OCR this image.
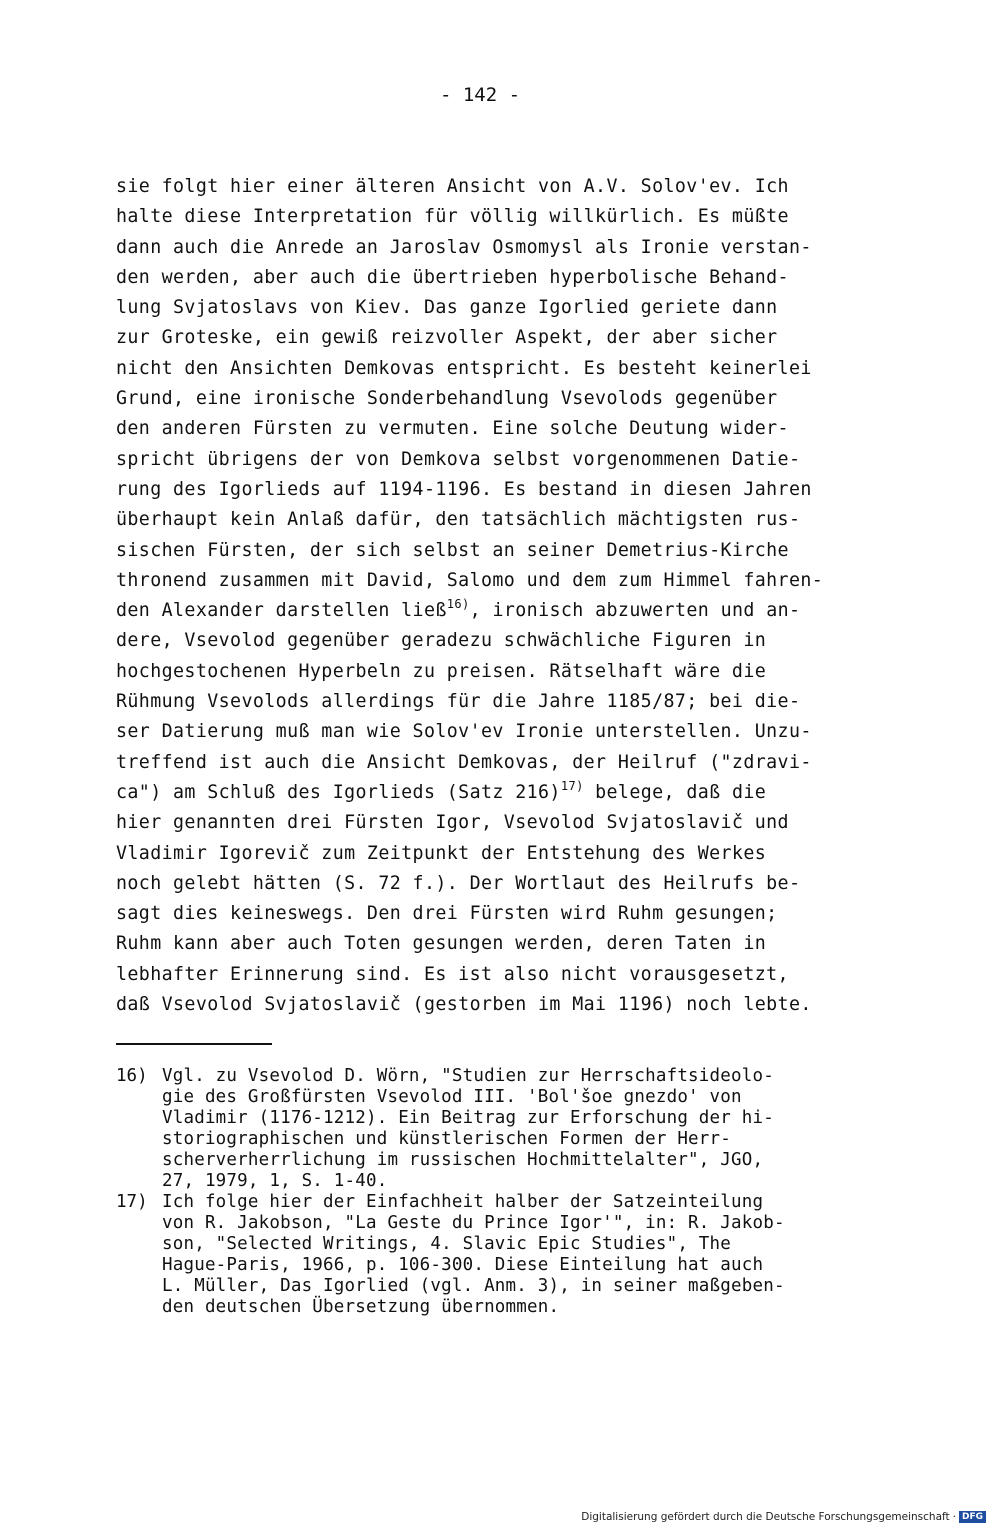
- 142 -
sie folgt hier einer älteren Ansicht von A.V. Solov'ev. Ich
halte diese Interpretation für völlig willkürlich. Es müßte
dann auch die Anrede an Jaroslav Osmomysl als Ironie verstan-
den werden, aber auch die übertrieben hyperbolische Behand-
lung Svjatoslavs von Kiev. Das ganze Igorlied geriete dann
zur Groteske, ein gewiß reizvoller Aspekt, der aber sicher
nicht den Ansichten Demkovas entspricht. Es besteht keinerlei
Grund, eine ironische Sonderbehandlung Vsevolods gegenüber
den anderen Fürsten zu vermuten. Eine solche Deutung wider-
spricht übrigens der von Demkova selbst vorgenommenen Datie-
rung des Igorlieds auf 1194-1196. Es bestand in diesen Jahren
überhaupt kein Anlaß dafür, den tatsächlich mächtigsten rus-
sischen Fürsten, der sich selbst an seiner Demetrius-Kirche
thronend zusammen mit David, Salomo und dem zum Himmel fahren-
den Alexander darstellen ließ$^{16)}$, ironisch abzuwerten und an-
dere, Vsevolod gegenüber geradezu schwächliche Figuren in
hochgestochenen Hyperbeln zu preisen. Rätselhaft wäre die
Rühmung Vsevolods allerdings für die Jahre 1185/87; bei die-
ser Datierung muß man wie Solov'ev Ironie unterstellen. Unzu-
treffend ist auch die Ansicht Demkovas, der Heilruf ("zdravi-
ca") am Schluß des Igorlieds (Satz 216)$^{17)}$ belege, daß die
hier genannten drei Fürsten Igor, Vsevolod Svjatoslavič und
Vladimir Igorevič zum Zeitpunkt der Entstehung des Werkes
noch gelebt hätten (S. 72 f.). Der Wortlaut des Heilrufs be-
sagt dies keineswegs. Den drei Fürsten wird Ruhm gesungen;
Ruhm kann aber auch Toten gesungen werden, deren Taten in
lebhafter Erinnerung sind. Es ist also nicht vorausgesetzt,
daß Vsevolod Svjatoslavič (gestorben im Mai 1196) noch lebte.
16) Vgl. zu Vsevolod D. Wörn, "Studien zur Herrschaftsideolo-
gie des Großfürsten Vsevolod III. 'Bol'šoe gnezdo' von
Vladimir (1176-1212). Ein Beitrag zur Erforschung der hi-
storiographischen und künstlerischen Formen der Herr-
scherverherrlichung im russischen Hochmittelalter", JGO,
27, 1979, 1, S. 1-40.
17) Ich folge hier der Einfachheit halber der Satzeinteilung
von R. Jakobson, "La Geste du Prince Igor'", in: R. Jakob-
son, "Selected Writings, 4. Slavic Epic Studies", The
Hague-Paris, 1966, p. 106-300. Diese Einteilung hat auch
L. Müller, Das Igorlied (vgl. Anm. 3), in seiner maßgeben-
den deutschen Übersetzung übernommen.
Digitalisierung gefördert durch die Deutsche Forschungsgemeinschaft · DFG
